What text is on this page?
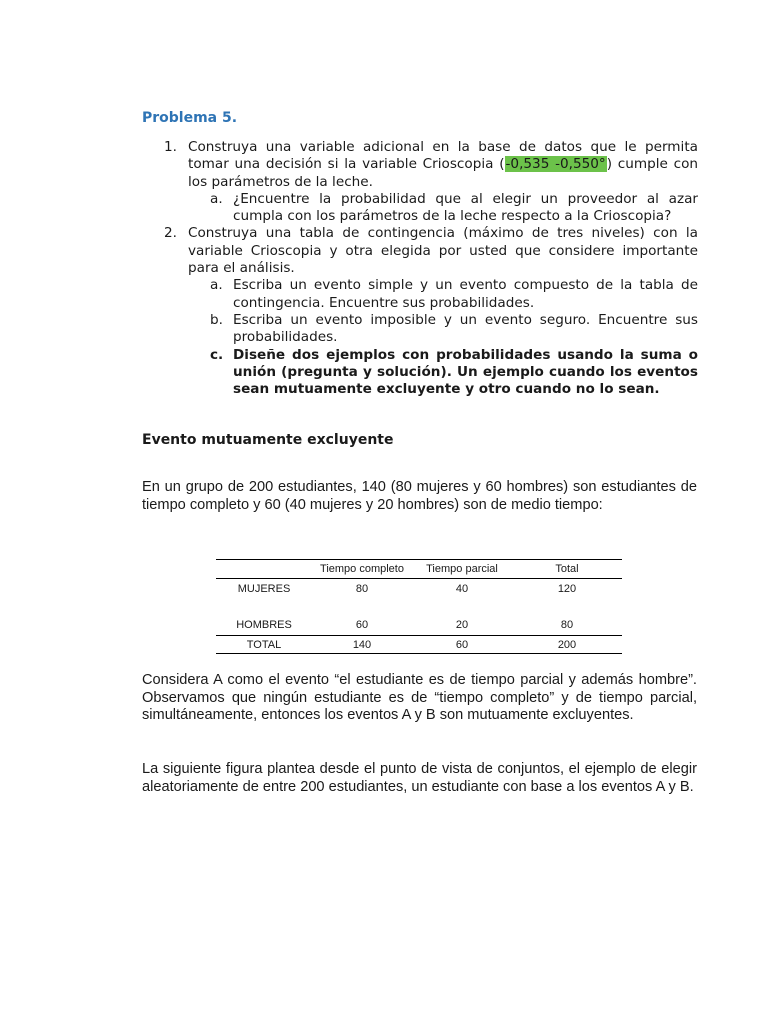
Problema 5.
1. Construya una variable adicional en la base de datos que le permita tomar una decisión si la variable Crioscopia (-0,535 -0,550°) cumple con los parámetros de la leche.
a. ¿Encuentre la probabilidad que al elegir un proveedor al azar cumpla con los parámetros de la leche respecto a la Crioscopia?
2. Construya una tabla de contingencia (máximo de tres niveles) con la variable Crioscopia y otra elegida por usted que considere importante para el análisis.
a. Escriba un evento simple y un evento compuesto de la tabla de contingencia. Encuentre sus probabilidades.
b. Escriba un evento imposible y un evento seguro. Encuentre sus probabilidades.
c. Diseñe dos ejemplos con probabilidades usando la suma o unión (pregunta y solución). Un ejemplo cuando los eventos sean mutuamente excluyente y otro cuando no lo sean.
Evento mutuamente excluyente

En un grupo de 200 estudiantes, 140 (80 mujeres y 60 hombres) son estudiantes de tiempo completo y 60 (40 mujeres y 20 hombres) son de medio tiempo:

	Tiempo completo	Tiempo parcial	Total
MUJERES	80	40	120

HOMBRES	60	20	80
TOTAL	140	60	200

Considera A como el evento “el estudiante es de tiempo parcial y además hombre”. Observamos que ningún estudiante es de “tiempo completo” y de tiempo parcial, simultáneamente, entonces los eventos A y B son mutuamente excluyentes.

La siguiente figura plantea desde el punto de vista de conjuntos, el ejemplo de elegir aleatoriamente de entre 200 estudiantes, un estudiante con base a los eventos A y B.
